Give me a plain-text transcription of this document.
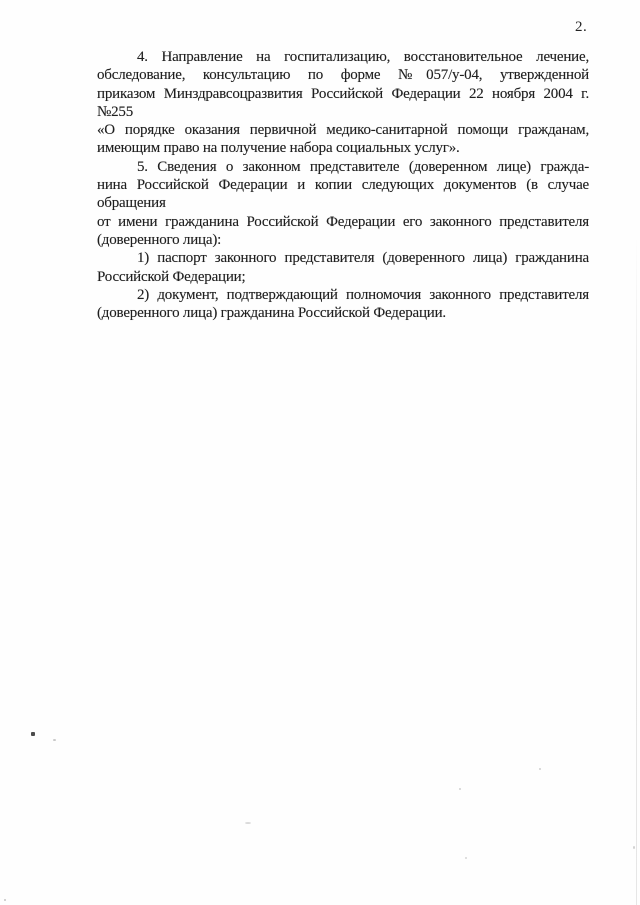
2.
4. Направление на госпитализацию, восстановительное лечение,
обследование, консультацию по форме №057/у-04, утвержденной
приказом Минздравсоцразвития Российской Федерации 22 ноября 2004 г.
№255
«О порядке оказания первичной медико-санитарной помощи гражданам,
имеющим право на получение набора социальных услуг».
5. Сведения о законном представителе (доверенном лице) гражда-
нина Российской Федерации и копии следующих документов (в случае
обращения
от имени гражданина Российской Федерации его законного представителя
(доверенного лица):
1) паспорт законного представителя (доверенного лица) гражданина
Российской Федерации;
2) документ, подтверждающий полномочия законного представителя
(доверенного лица) гражданина Российской Федерации.
